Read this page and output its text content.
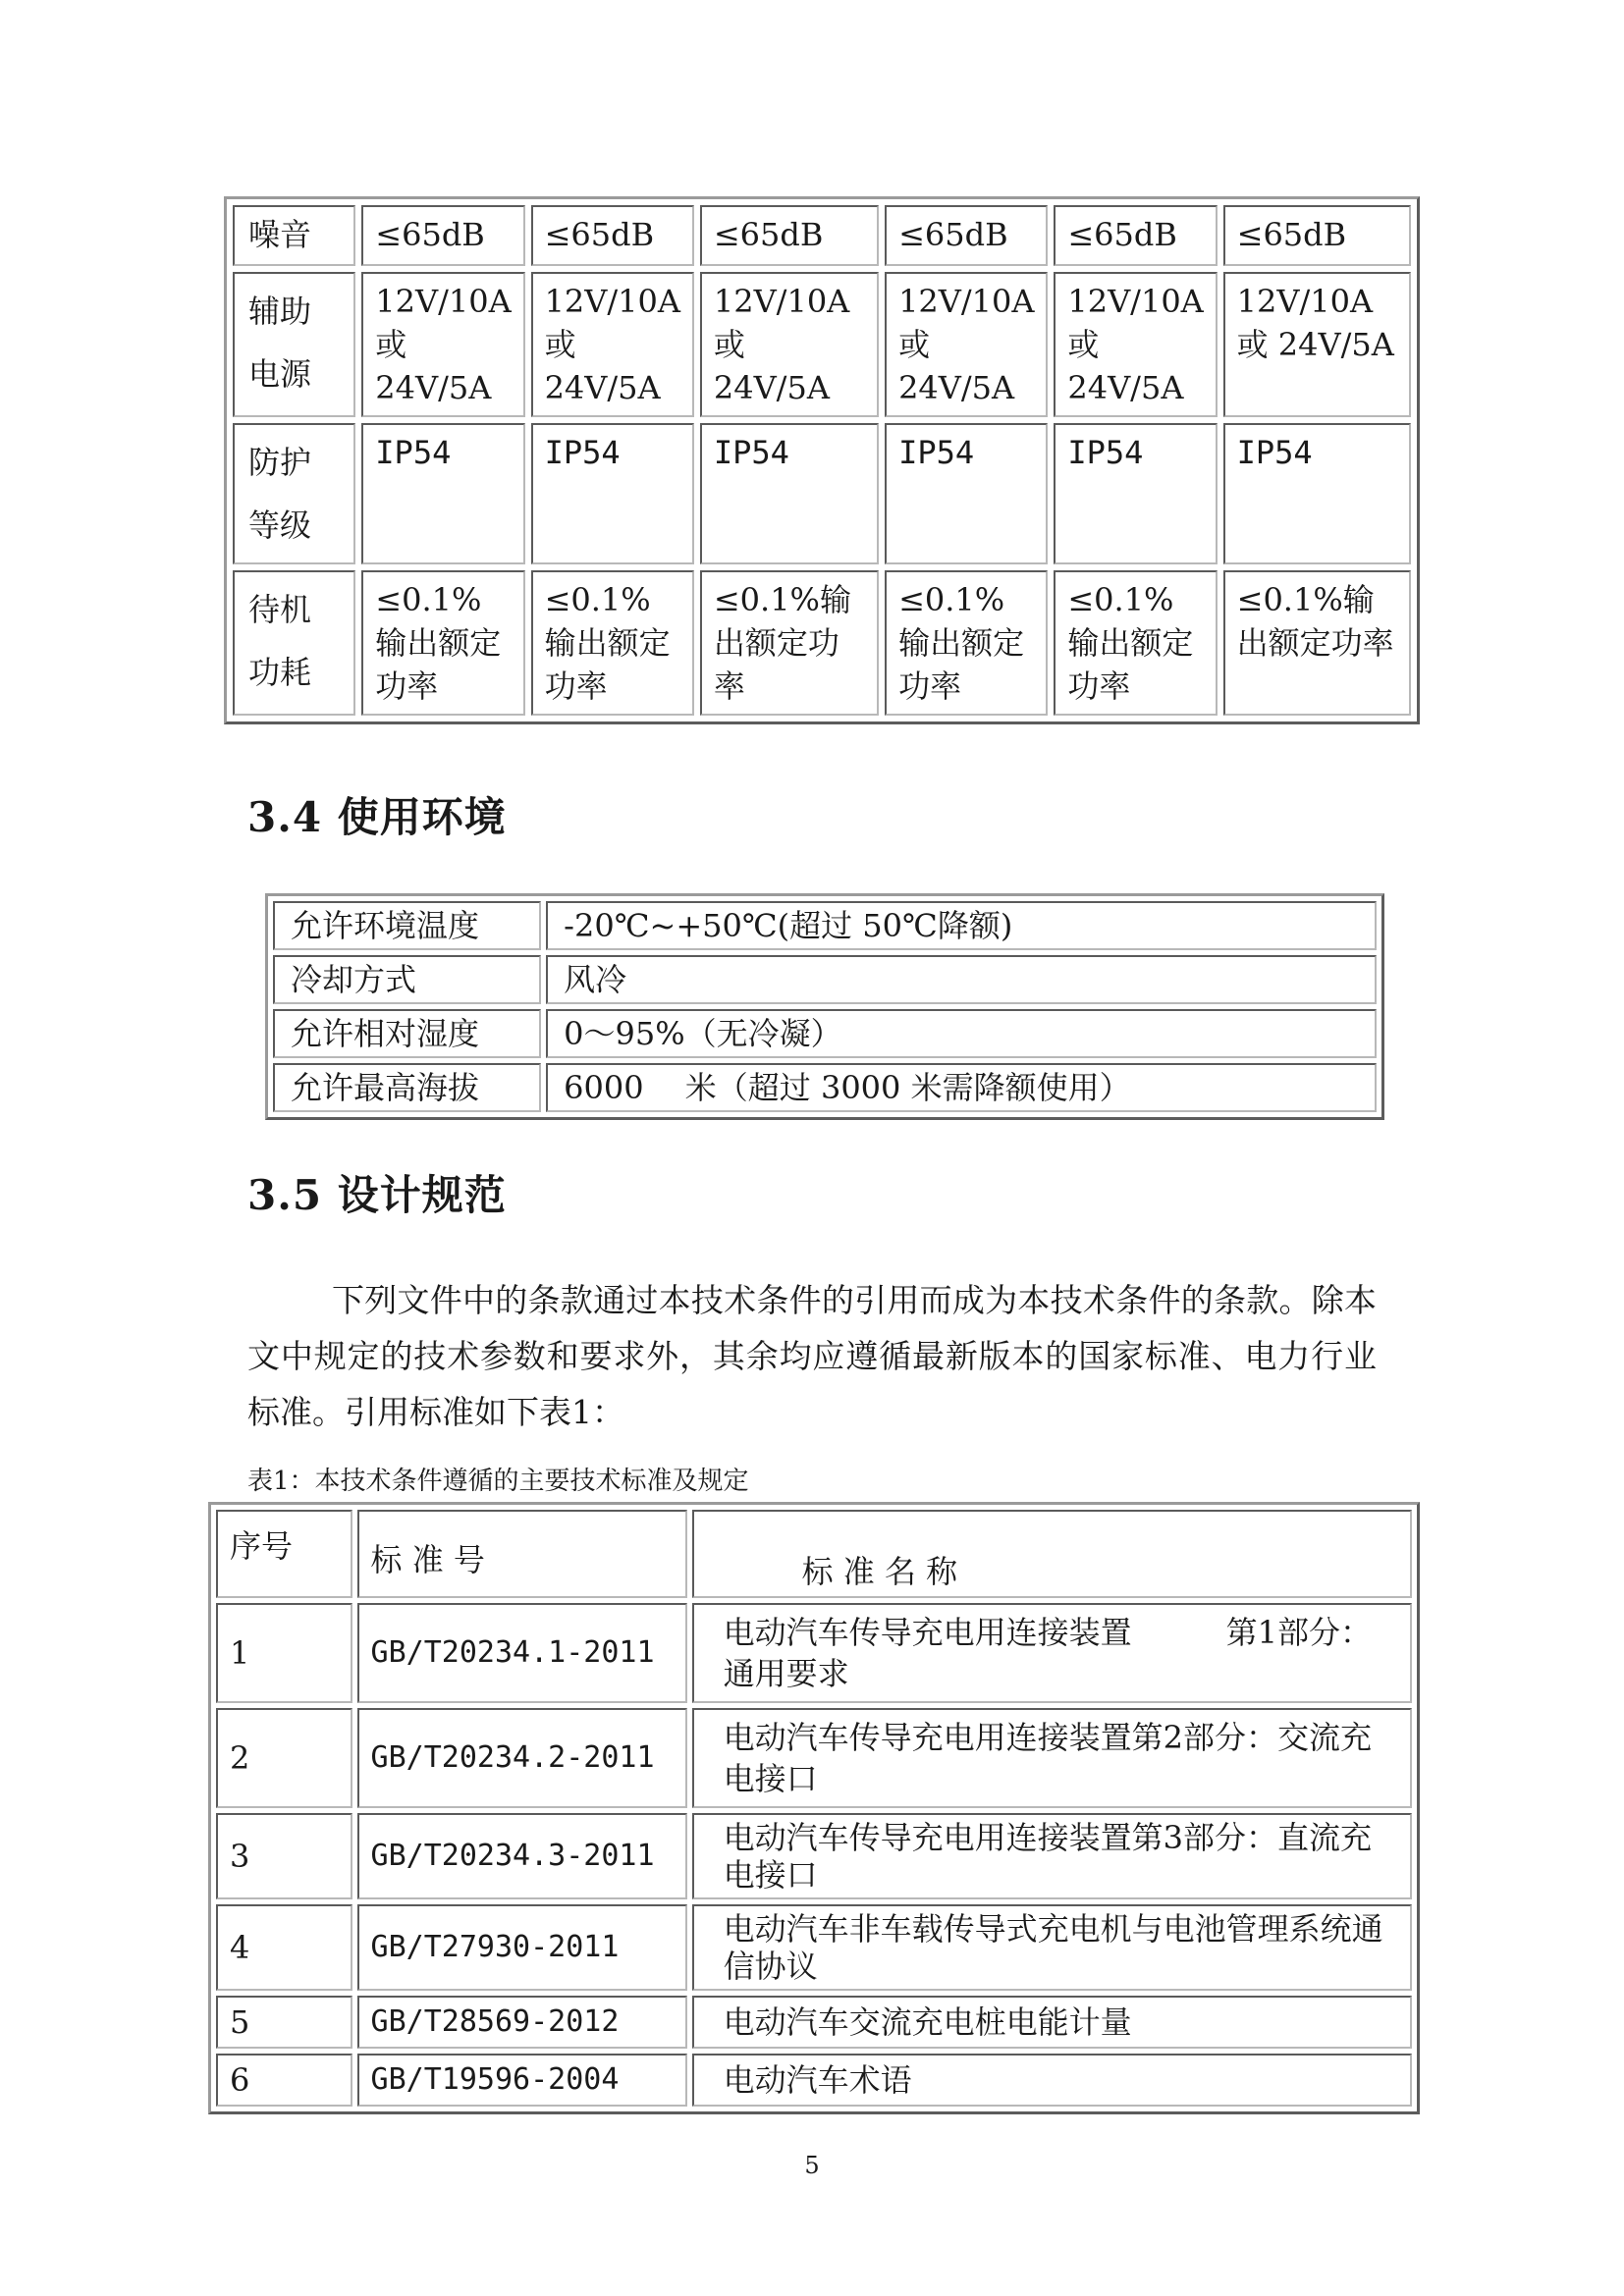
噪音	≤65dB	≤65dB	≤65dB	≤65dB	≤65dB	≤65dB
辅助电源	12V/10A 或 24V/5A	12V/10A 或 24V/5A	12V/10A 或 24V/5A	12V/10A 或 24V/5A	12V/10A 或 24V/5A	12V/10A 或 24V/5A
防护等级	IP54	IP54	IP54	IP54	IP54	IP54
待机功耗	≤0.1%输出额定功率	≤0.1%输出额定功率	≤0.1%输出额定功率	≤0.1%输出额定功率	≤0.1%输出额定功率	≤0.1%输出额定功率
3.4 使用环境
允许环境温度	-20℃~+50℃(超过 50℃降额)
冷却方式	风冷
允许相对湿度	0～95%（无冷凝）
允许最高海拔	6000　 米（超过 3000 米需降额使用）
3.5 设计规范
下列文件中的条款通过本技术条件的引用而成为本技术条件的条款。除本文中规定的技术参数和要求外，其余均应遵循最新版本的国家标准、电力行业标准。引用标准如下表1：
表1：本技术条件遵循的主要技术标准及规定
序号	标 准 号	标 准 名 称
1	GB/T20234.1-2011	电动汽车传导充电用连接装置　　　第1部分：通用要求
2	GB/T20234.2-2011	电动汽车传导充电用连接装置第2部分：交流充电接口
3	GB/T20234.3-2011	电动汽车传导充电用连接装置第3部分：直流充电接口
4	GB/T27930-2011	电动汽车非车载传导式充电机与电池管理系统通信协议
5	GB/T28569-2012	电动汽车交流充电桩电能计量
6	GB/T19596-2004	电动汽车术语
5
